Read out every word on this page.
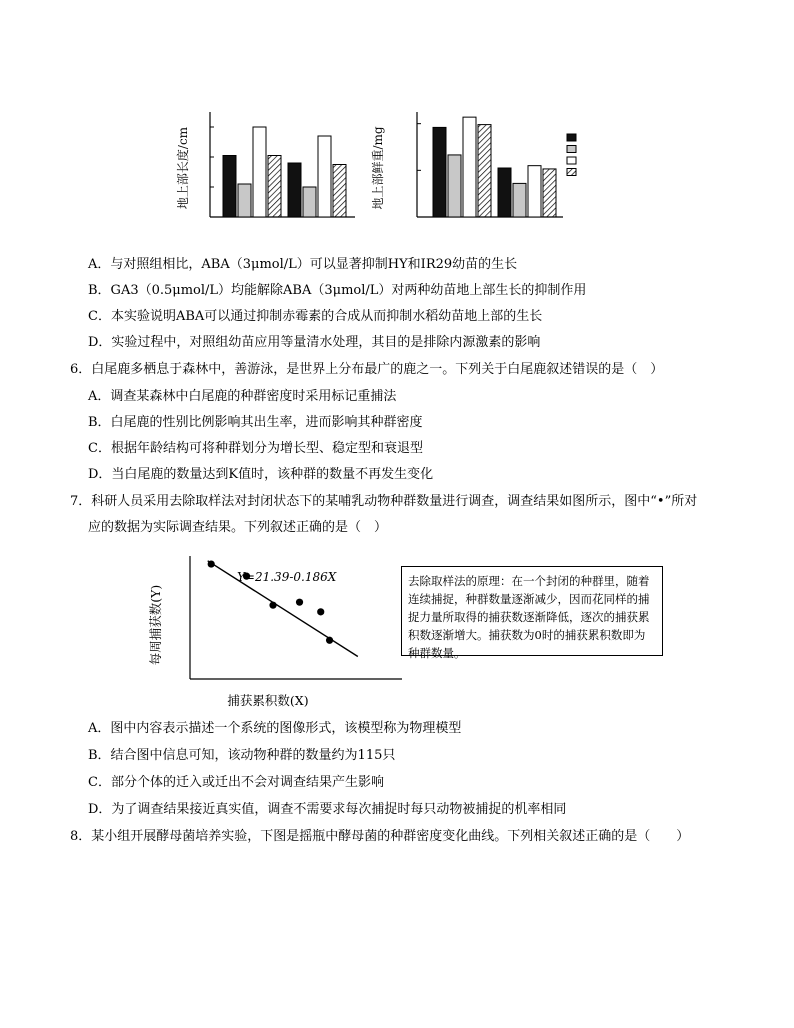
地上部长度/cm	地上部鲜重/mg
A．与对照组相比，ABA（3μmol/L）可以显著抑制HY和IR29幼苗的生长
B．GA3（0.5μmol/L）均能解除ABA（3μmol/L）对两种幼苗地上部生长的抑制作用
C．本实验说明ABA可以通过抑制赤霉素的合成从而抑制水稻幼苗地上部的生长
D．实验过程中，对照组幼苗应用等量清水处理，其目的是排除内源激素的影响
6．白尾鹿多栖息于森林中，善游泳，是世界上分布最广的鹿之一。下列关于白尾鹿叙述错误的是（　）
A．调查某森林中白尾鹿的种群密度时采用标记重捕法
B．白尾鹿的性别比例影响其出生率，进而影响其种群密度
C．根据年龄结构可将种群划分为增长型、稳定型和衰退型
D．当白尾鹿的数量达到K值时，该种群的数量不再发生变化
7．科研人员采用去除取样法对封闭状态下的某哺乳动物种群数量进行调查，调查结果如图所示，图中“•”所对
应的数据为实际调查结果。下列叙述正确的是（　）
每周捕获数(Y)
捕获累积数(X)
Y=21.39-0.186X	去除取样法的原理：在一个封闭的种群里，随着连续捕捉，种群数量逐渐减少，因而花同样的捕捉力量所取得的捕获数逐渐降低，逐次的捕获累积数逐渐增大。捕获数为0时的捕获累积数即为种群数量。
A．图中内容表示描述一个系统的图像形式，该模型称为物理模型
B．结合图中信息可知，该动物种群的数量约为115只
C．部分个体的迁入或迁出不会对调查结果产生影响
D．为了调查结果接近真实值，调查不需要求每次捕捉时每只动物被捕捉的机率相同
8．某小组开展酵母菌培养实验，下图是摇瓶中酵母菌的种群密度变化曲线。下列相关叙述正确的是（　　）
